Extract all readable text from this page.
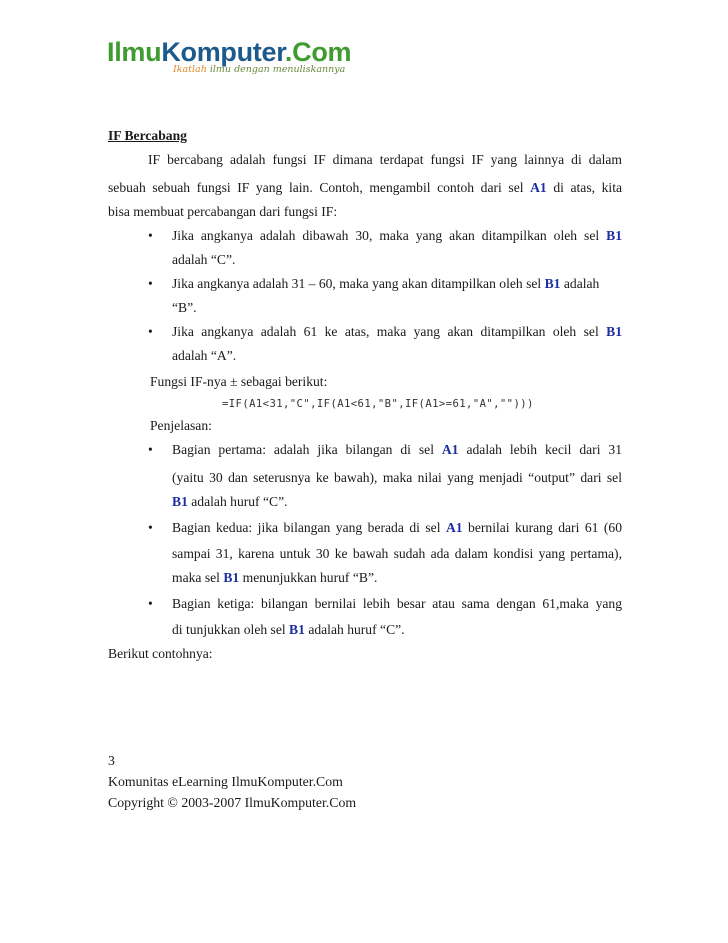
IlmuKomputer.Com
Ikatlah ilmu dengan menuliskannya
IF Bercabang
IF bercabang adalah fungsi IF dimana terdapat fungsi IF yang lainnya di dalam
sebuah sebuah fungsi IF yang lain. Contoh, mengambil contoh dari sel A1 di atas, kita
bisa membuat percabangan dari fungsi IF:
•	Jika angkanya adalah dibawah 30, maka yang akan ditampilkan oleh sel B1
adalah “C”.
•	Jika angkanya adalah 31 – 60, maka yang akan ditampilkan oleh sel B1 adalah
“B”.
•	Jika angkanya adalah 61 ke atas, maka yang akan ditampilkan oleh sel B1
adalah “A”.
Fungsi IF-nya ± sebagai berikut:
=IF(A1<31,"C",IF(A1<61,"B",IF(A1>=61,"A","")))
Penjelasan:
•	Bagian pertama: adalah jika bilangan di sel A1 adalah lebih kecil dari 31
(yaitu 30 dan seterusnya ke bawah), maka nilai yang menjadi “output” dari sel
B1 adalah huruf “C”.
•	Bagian kedua: jika bilangan yang berada di sel A1 bernilai kurang dari 61 (60
sampai 31, karena untuk 30 ke bawah sudah ada dalam kondisi yang pertama),
maka sel B1 menunjukkan huruf “B”.
•	Bagian ketiga: bilangan bernilai lebih besar atau sama dengan 61,maka yang
di tunjukkan oleh sel B1 adalah huruf “C”.
Berikut contohnya:
3
Komunitas eLearning IlmuKomputer.Com
Copyright © 2003-2007 IlmuKomputer.Com
